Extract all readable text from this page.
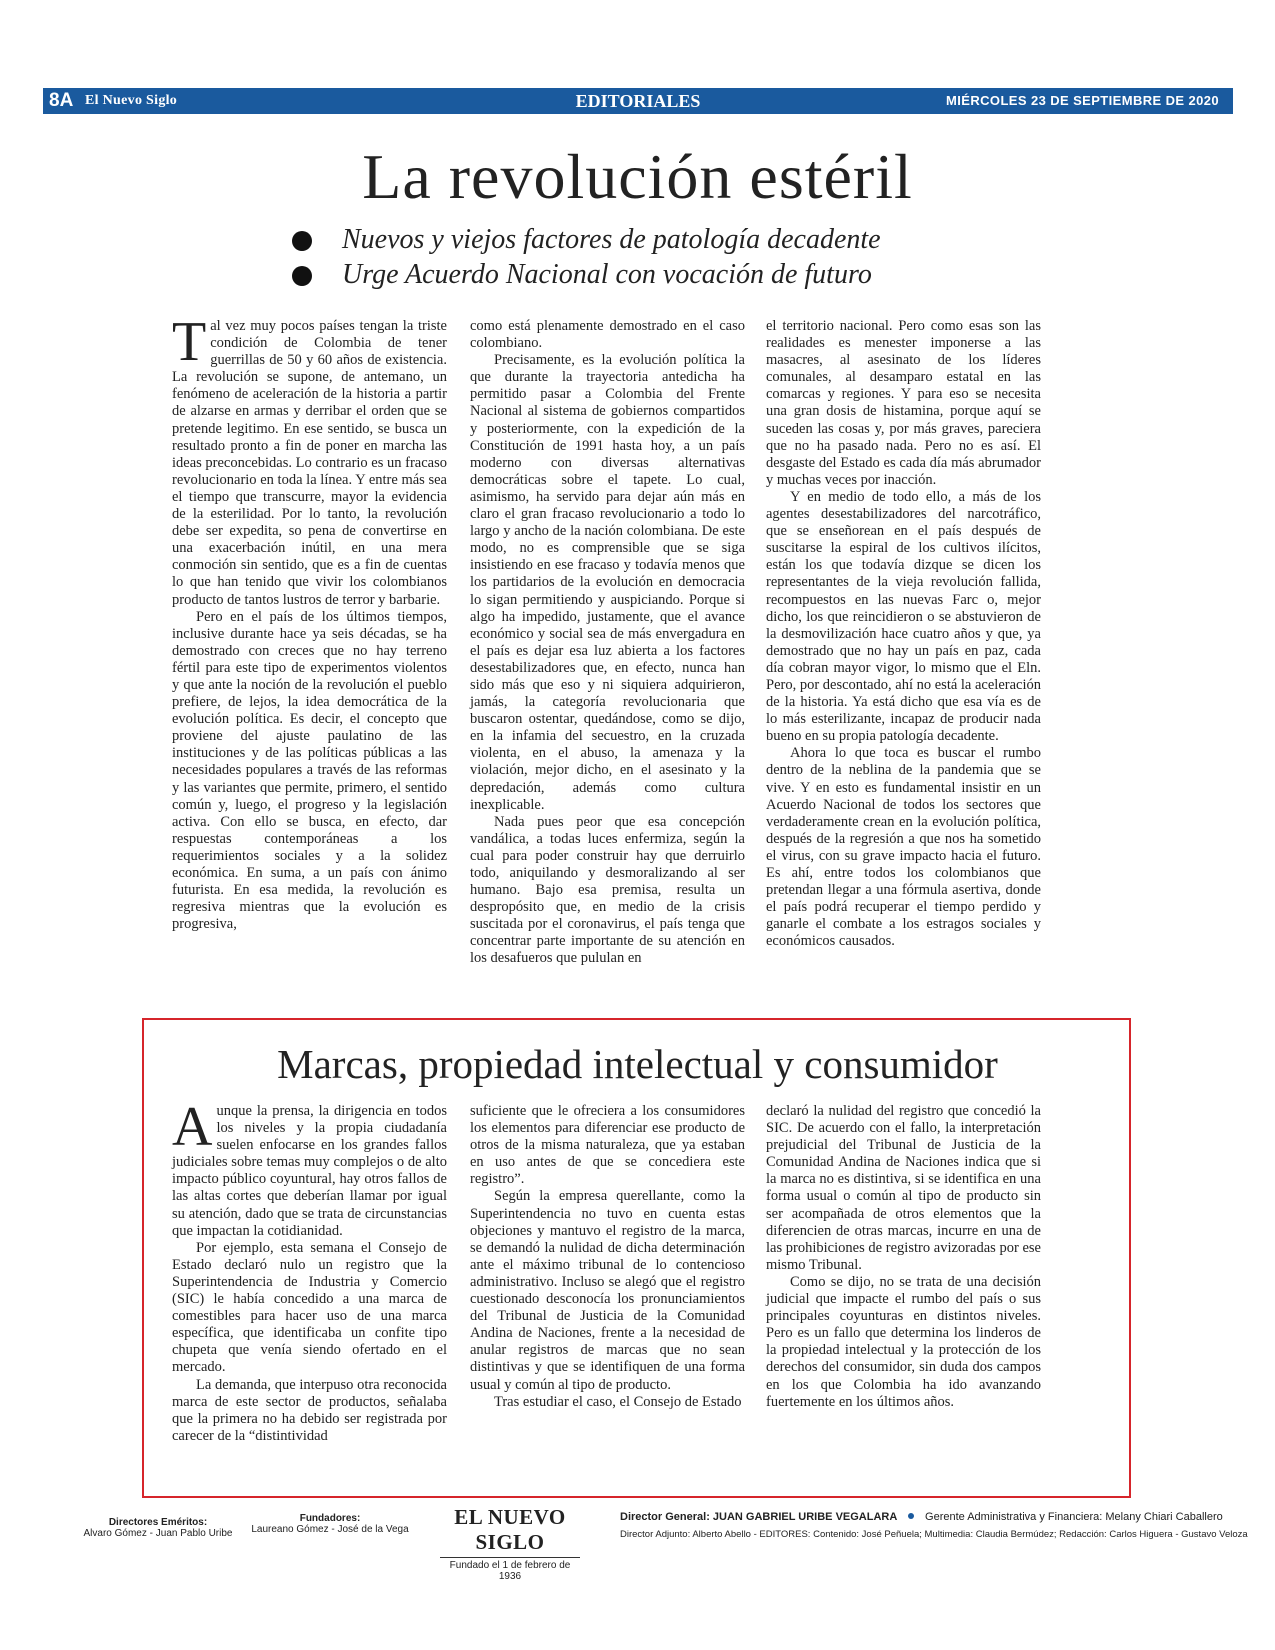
8A El Nuevo Siglo	EDITORIALES	MIÉRCOLES 23 DE SEPTIEMBRE DE 2020
La revolución estéril
Nuevos y viejos factores de patología decadente
Urge Acuerdo Nacional con vocación de futuro

Tal vez muy pocos países tengan la triste condición de Colombia de tener guerrillas de 50 y 60 años de existencia. La revolución se supone, de antemano, un fenómeno de aceleración de la historia a partir de alzarse en armas y derribar el orden que se pretende legitimo. En ese sentido, se busca un resultado pronto a fin de poner en marcha las ideas preconcebidas. Lo contrario es un fracaso revolucionario en toda la línea. Y entre más sea el tiempo que transcurre, mayor la evidencia de la esterilidad. Por lo tanto, la revolución debe ser expedita, so pena de convertirse en una exacerbación inútil, en una mera conmoción sin sentido, que es a fin de cuentas lo que han tenido que vivir los colombianos producto de tantos lustros de terror y barbarie.

Pero en el país de los últimos tiempos, inclusive durante hace ya seis décadas, se ha demostrado con creces que no hay terreno fértil para este tipo de experimentos violentos y que ante la noción de la revolución el pueblo prefiere, de lejos, la idea democrática de la evolución política. Es decir, el concepto que proviene del ajuste paulatino de las instituciones y de las políticas públicas a las necesidades populares a través de las reformas y las variantes que permite, primero, el sentido común y, luego, el progreso y la legislación activa. Con ello se busca, en efecto, dar respuestas contemporáneas a los requerimientos sociales y a la solidez económica. En suma, a un país con ánimo futurista. En esa medida, la revolución es regresiva mientras que la evolución es progresiva,

como está plenamente demostrado en el caso colombiano.

Precisamente, es la evolución política la que durante la trayectoria antedicha ha permitido pasar a Colombia del Frente Nacional al sistema de gobiernos compartidos y posteriormente, con la expedición de la Constitución de 1991 hasta hoy, a un país moderno con diversas alternativas democráticas sobre el tapete. Lo cual, asimismo, ha servido para dejar aún más en claro el gran fracaso revolucionario a todo lo largo y ancho de la nación colombiana. De este modo, no es comprensible que se siga insistiendo en ese fracaso y todavía menos que los partidarios de la evolución en democracia lo sigan permitiendo y auspiciando. Porque si algo ha impedido, justamente, que el avance económico y social sea de más envergadura en el país es dejar esa luz abierta a los factores desestabilizadores que, en efecto, nunca han sido más que eso y ni siquiera adquirieron, jamás, la categoría revolucionaria que buscaron ostentar, quedándose, como se dijo, en la infamia del secuestro, en la cruzada violenta, en el abuso, la amenaza y la violación, mejor dicho, en el asesinato y la depredación, además como cultura inexplicable.

Nada pues peor que esa concepción vandálica, a todas luces enfermiza, según la cual para poder construir hay que derruirlo todo, aniquilando y desmoralizando al ser humano. Bajo esa premisa, resulta un despropósito que, en medio de la crisis suscitada por el coronavirus, el país tenga que concentrar parte importante de su atención en los desafueros que pululan en

el territorio nacional. Pero como esas son las realidades es menester imponerse a las masacres, al asesinato de los líderes comunales, al desamparo estatal en las comarcas y regiones. Y para eso se necesita una gran dosis de histamina, porque aquí se suceden las cosas y, por más graves, pareciera que no ha pasado nada. Pero no es así. El desgaste del Estado es cada día más abrumador y muchas veces por inacción.

Y en medio de todo ello, a más de los agentes desestabilizadores del narcotráfico, que se enseñorean en el país después de suscitarse la espiral de los cultivos ilícitos, están los que todavía dizque se dicen los representantes de la vieja revolución fallida, recompuestos en las nuevas Farc o, mejor dicho, los que reincidieron o se abstuvieron de la desmovilización hace cuatro años y que, ya demostrado que no hay un país en paz, cada día cobran mayor vigor, lo mismo que el Eln. Pero, por descontado, ahí no está la aceleración de la historia. Ya está dicho que esa vía es de lo más esterilizante, incapaz de producir nada bueno en su propia patología decadente.

Ahora lo que toca es buscar el rumbo dentro de la neblina de la pandemia que se vive. Y en esto es fundamental insistir en un Acuerdo Nacional de todos los sectores que verdaderamente crean en la evolución política, después de la regresión a que nos ha sometido el virus, con su grave impacto hacia el futuro. Es ahí, entre todos los colombianos que pretendan llegar a una fórmula asertiva, donde el país podrá recuperar el tiempo perdido y ganarle el combate a los estragos sociales y económicos causados.

Marcas, propiedad intelectual y consumidor

Aunque la prensa, la dirigencia en todos los niveles y la propia ciudadanía suelen enfocarse en los grandes fallos judiciales sobre temas muy complejos o de alto impacto público coyuntural, hay otros fallos de las altas cortes que deberían llamar por igual su atención, dado que se trata de circunstancias que impactan la cotidianidad.

Por ejemplo, esta semana el Consejo de Estado declaró nulo un registro que la Superintendencia de Industria y Comercio (SIC) le había concedido a una marca de comestibles para hacer uso de una marca específica, que identificaba un confite tipo chupeta que venía siendo ofertado en el mercado.

La demanda, que interpuso otra reconocida marca de este sector de productos, señalaba que la primera no ha debido ser registrada por carecer de la “distintividad

suficiente que le ofreciera a los consumidores los elementos para diferenciar ese producto de otros de la misma naturaleza, que ya estaban en uso antes de que se concediera este registro”.

Según la empresa querellante, como la Superintendencia no tuvo en cuenta estas objeciones y mantuvo el registro de la marca, se demandó la nulidad de dicha determinación ante el máximo tribunal de lo contencioso administrativo. Incluso se alegó que el registro cuestionado desconocía los pronunciamientos del Tribunal de Justicia de la Comunidad Andina de Naciones, frente a la necesidad de anular registros de marcas que no sean distintivas y que se identifiquen de una forma usual y común al tipo de producto.

Tras estudiar el caso, el Consejo de Estado

declaró la nulidad del registro que concedió la SIC. De acuerdo con el fallo, la interpretación prejudicial del Tribunal de Justicia de la Comunidad Andina de Naciones indica que si la marca no es distintiva, si se identifica en una forma usual o común al tipo de producto sin ser acompañada de otros elementos que la diferencien de otras marcas, incurre en una de las prohibiciones de registro avizoradas por ese mismo Tribunal.

Como se dijo, no se trata de una decisión judicial que impacte el rumbo del país o sus principales coyunturas en distintos niveles. Pero es un fallo que determina los linderos de la propiedad intelectual y la protección de los derechos del consumidor, sin duda dos campos en los que Colombia ha ido avanzando fuertemente en los últimos años.

Directores Eméritos:
Alvaro Gómez - Juan Pablo Uribe
Fundadores:
Laureano Gómez - José de la Vega
EL NUEVO SIGLO
Fundado el 1 de febrero de 1936
Director General: JUAN GABRIEL URIBE VEGALARA	Gerente Administrativa y Financiera: Melany Chiari Caballero
Director Adjunto: Alberto Abello - EDITORES: Contenido: José Peñuela; Multimedia: Claudia Bermúdez; Redacción: Carlos Higuera - Gustavo Veloza
